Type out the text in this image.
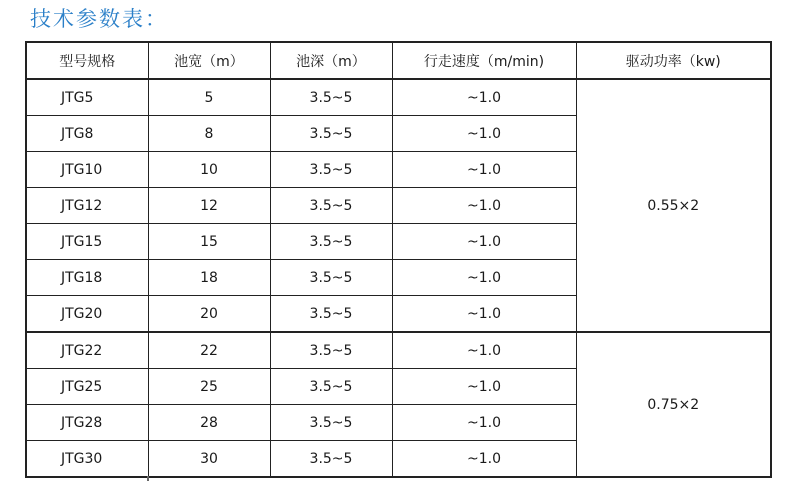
技术参数表：
型号规格	池宽（m）	池深（m）	行走速度（m/min)	驱动功率（kw)
JTG5	5	3.5~5	~1.0	0.55×2
JTG8	8	3.5~5	~1.0	
JTG10	10	3.5~5	~1.0	
JTG12	12	3.5~5	~1.0	
JTG15	15	3.5~5	~1.0	
JTG18	18	3.5~5	~1.0	
JTG20	20	3.5~5	~1.0	
JTG22	22	3.5~5	~1.0	0.75×2
JTG25	25	3.5~5	~1.0	
JTG28	28	3.5~5	~1.0	
JTG30	30	3.5~5	~1.0	
